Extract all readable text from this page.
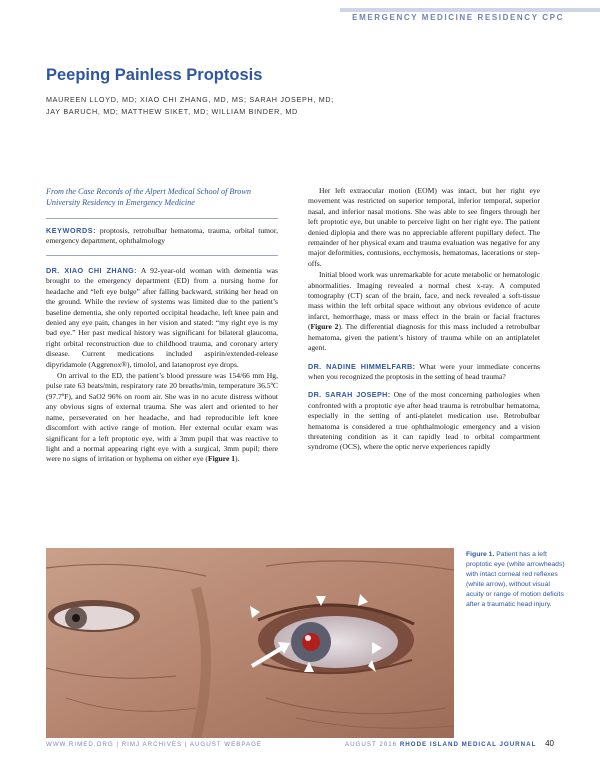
EMERGENCY MEDICINE RESIDENCY CPC
Peeping Painless Proptosis
MAUREEN LLOYD, MD; XIAO CHI ZHANG, MD, MS; SARAH JOSEPH, MD;
JAY BARUCH, MD; MATTHEW SIKET, MD; WILLIAM BINDER, MD

From the Case Records of the Alpert Medical School of Brown University Residency in Emergency Medicine

KEYWORDS: proptosis, retrobulbar hematoma, trauma, orbital tumor, emergency department, ophthalmology

DR. XIAO CHI ZHANG: A 92-year-old woman with dementia was brought to the emergency department (ED) from a nursing home for headache and “left eye bulge” after falling backward, striking her head on the ground. While the review of systems was limited due to the patient’s baseline dementia, she only reported occipital headache, left knee pain and denied any eye pain, changes in her vision and stated: “my right eye is my bad eye.” Her past medical history was significant for bilateral glaucoma, right orbital reconstruction due to childhood trauma, and coronary artery disease. Current medications included aspirin/extended-release dipyridamole (Aggrenox®), timolol, and latanoprost eye drops.

On arrival to the ED, the patient’s blood pressure was 154/66 mm Hg, pulse rate 63 beats/min, respiratory rate 20 breaths/min, temperature 36.5ºC (97.7ºF), and SaO2 96% on room air. She was in no acute distress without any obvious signs of external trauma. She was alert and oriented to her name, perseverated on her headache, and had reproducible left knee discomfort with active range of motion. Her external ocular exam was significant for a left proptotic eye, with a 3mm pupil that was reactive to light and a normal appearing right eye with a surgical, 3mm pupil; there were no signs of irritation or hyphema on either eye (Figure 1).

Her left extraocular motion (EOM) was intact, but her right eye movement was restricted on superior temporal, inferior temporal, superior nasal, and inferior nasal motions. She was able to see fingers through her left proptotic eye, but unable to perceive light on her right eye. The patient denied diplopia and there was no appreciable afferent pupillary defect. The remainder of her physical exam and trauma evaluation was negative for any major deformities, contusions, ecchymosis, hematomas, lacerations or step-offs.

Initial blood work was unremarkable for acute metabolic or hematologic abnormalities. Imaging revealed a normal chest x-ray. A computed tomography (CT) scan of the brain, face, and neck revealed a soft-tissue mass within the left orbital space without any obvious evidence of acute infarct, hemorrhage, mass or mass effect in the brain or facial fractures (Figure 2). The differential diagnosis for this mass included a retrobulbar hematoma, given the patient’s history of trauma while on an antiplatelet agent.

DR. NADINE HIMMELFARB: What were your immediate concerns when you recognized the proptosis in the setting of head trauma?

DR. SARAH JOSEPH: One of the most concerning pathologies when confronted with a proptotic eye after head trauma is retrobulbar hematoma, especially in the setting of anti-platelet medication use. Retrobulbar hematoma is considered a true ophthalmologic emergency and a vision threatening condition as it can rapidly lead to orbital compartment syndrome (OCS), where the optic nerve experiences rapidly

Figure 1. Patient has a left proptotic eye (white arrowheads) with intact corneal red reflexes (white arrow), without visual acuity or range of motion deficits after a traumatic head injury.
WWW.RIMED.ORG | RIMJ ARCHIVES | AUGUST WEBPAGE	AUGUST 2016 RHODE ISLAND MEDICAL JOURNAL 40
